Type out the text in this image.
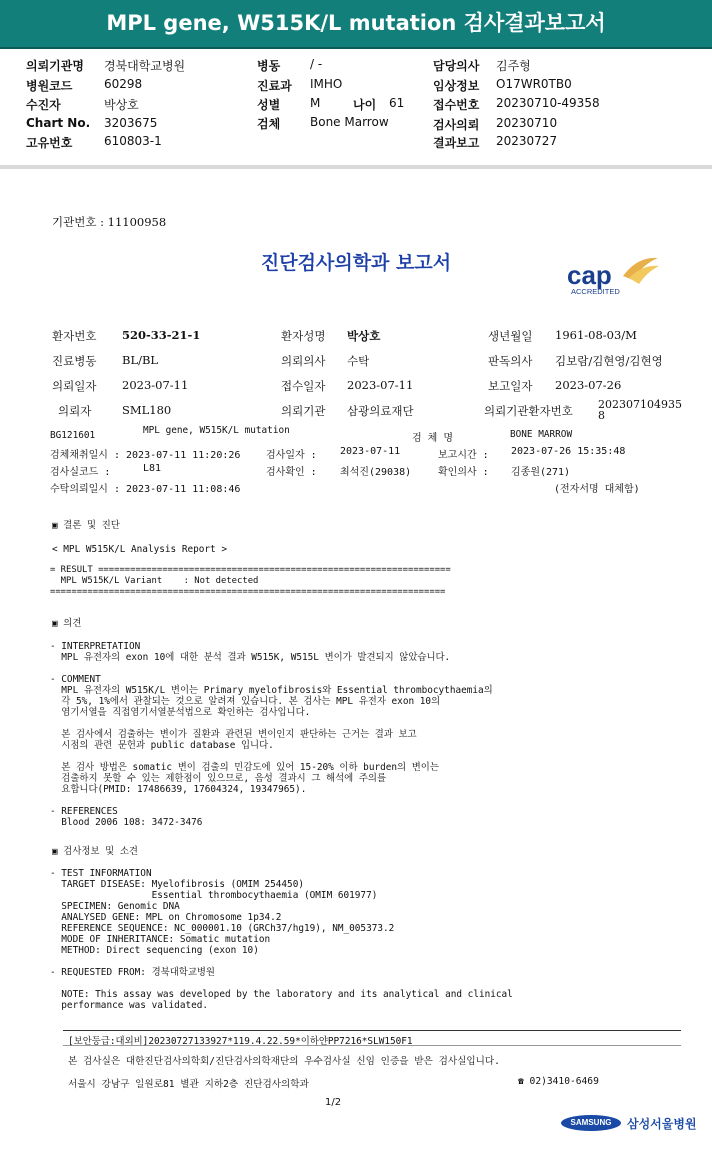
MPL gene, W515K/L mutation 검사결과보고서
의뢰기관명 경북대학교병원
병원코드	60298
수진자	박상호
Chart No. 3203675
고유번호	610803-1
병동 / -
진료과 IMHO
성별 M	나이 61
검체 Bone Marrow
담당의사 김주형
임상정보 O17WR0TB0
접수번호 20230710-49358
검사의뢰 20230710
결과보고 20230727
기관번호 : 11100958
진단검사의학과 보고서	cap
ACCREDITED
환자번호 520-33-21-1	환자성명 박상호	생년월일 1961-08-03/M
진료병동 BL/BL	의뢰의사 수탁	판독의사 김보람/김현영/김현영
의뢰일자 2023-07-11	접수일자 2023-07-11	보고일자 2023-07-26
의뢰자	SML180	의뢰기관 삼광의료재단	의뢰기관환자번호 202307104935
8
BG121601	MPL gene, W515K/L mutation
검 체 명	BONE MARROW
검체채취일시 : 2023-07-11 11:20:26	검사일자 : 2023-07-11	보고시간 : 2023-07-26 15:35:48
검사실코드 :	L81	검사확인 : 최석진(29038)	확인의사 : 김종원(271)
수탁의뢰일시 : 2023-07-11 11:08:46	(전자서명 대체함)
▣ 결론 및 진단
< MPL W515K/L Analysis Report >
= RESULT ==================================================================
MPL W515K/L Variant    : Not detected
==========================================================================
▣ 의견
- INTERPRETATION
MPL 유전자의 exon 10에 대한 분석 결과 W515K, W515L 변이가 발견되지 않았습니다.

- COMMENT
MPL 유전자의 W515K/L 변이는 Primary myelofibrosis와 Essential thrombocythaemia의
각 5%, 1%에서 관찰되는 것으로 알려져 있습니다. 본 검사는 MPL 유전자 exon 10의
염기서열을 직접염기서열분석법으로 확인하는 검사입니다.

본 검사에서 검출하는 변이가 질환과 관련된 변이인지 판단하는 근거는 결과 보고
시점의 관련 문헌과 public database 입니다.

본 검사 방법은 somatic 변이 검출의 민감도에 있어 15-20% 이하 burden의 변이는
검출하지 못할 수 있는 제한점이 있으므로, 음성 결과시 그 해석에 주의를
요합니다(PMID: 17486639, 17604324, 19347965).

- REFERENCES
Blood 2006 108: 3472-3476
▣ 검사정보 및 소견
- TEST INFORMATION
TARGET DISEASE: Myelofibrosis (OMIM 254450)
Essential thrombocythaemia (OMIM 601977)
SPECIMEN: Genomic DNA
ANALYSED GENE: MPL on Chromosome 1p34.2
REFERENCE SEQUENCE: NC_000001.10 (GRCh37/hg19), NM_005373.2
MODE OF INHERITANCE: Somatic mutation
METHOD: Direct sequencing (exon 10)

- REQUESTED FROM: 경북대학교병원

NOTE: This assay was developed by the laboratory and its analytical and clinical
performance was validated.
[보안등급:대외비]20230727133927*119.4.22.59*이하얀PP7216*SLW150F1
본 검사실은 대한진단검사의학회/진단검사의학재단의 우수검사실 신임 인증을 받은 검사실입니다.
서울시 강남구 일원로81 별관 지하2층 진단검사의학과	☎ 02)3410-6469
1/2
SAMSUNG	삼성서울병원
